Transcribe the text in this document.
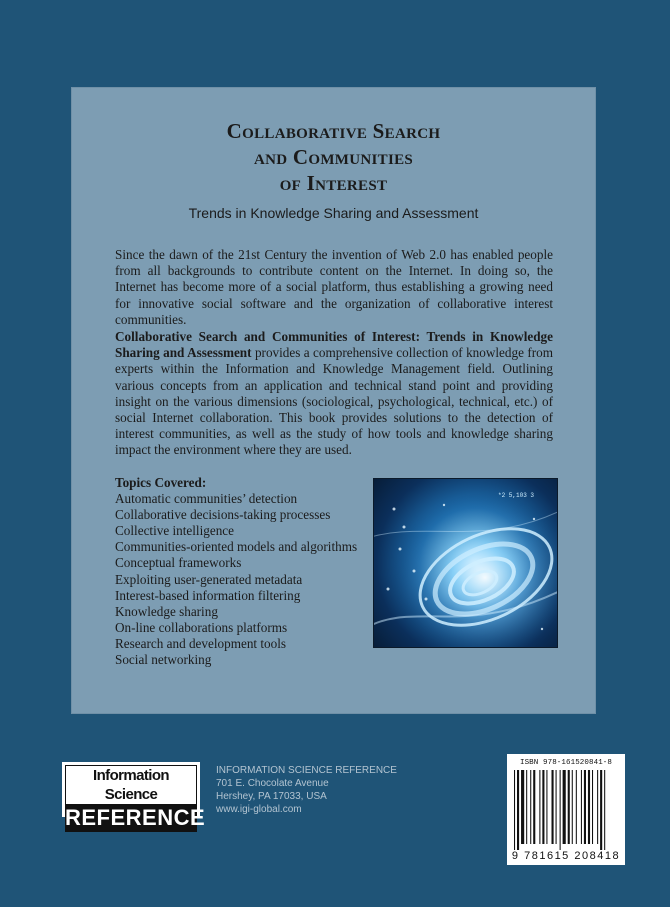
Collaborative Search
and Communities
of Interest
Trends in Knowledge Sharing and Assessment

Since the dawn of the 21st Century the invention of Web 2.0 has enabled people from all backgrounds to contribute content on the Internet. In doing so, the Internet has become more of a social platform, thus establishing a growing need for innovative social software and the organization of collaborative interest communities.

Collaborative Search and Communities of Interest: Trends in Knowledge Sharing and Assessment provides a comprehensive collection of knowledge from experts within the Information and Knowledge Management field. Outlining various concepts from an application and technical stand point and providing insight on the various dimensions (sociological, psychological, technical, etc.) of social Internet collaboration. This book provides solutions to the detection of interest communities, as well as the study of how tools and knowledge sharing impact the environment where they are used.

Topics Covered:
Automatic communities’ detection
Collaborative decisions-taking processes
Collective intelligence
Communities-oriented models and algorithms
Conceptual frameworks
Exploiting user-generated metadata
Interest-based information filtering
Knowledge sharing
On-line collaborations platforms
Research and development tools
Social networking
*2 5,103 3
Information Science
REFERENCE
INFORMATION SCIENCE REFERENCE
701 E. Chocolate Avenue
Hershey, PA 17033, USA
www.igi-global.com
ISBN 978-161520841-8
9 781615 208418
